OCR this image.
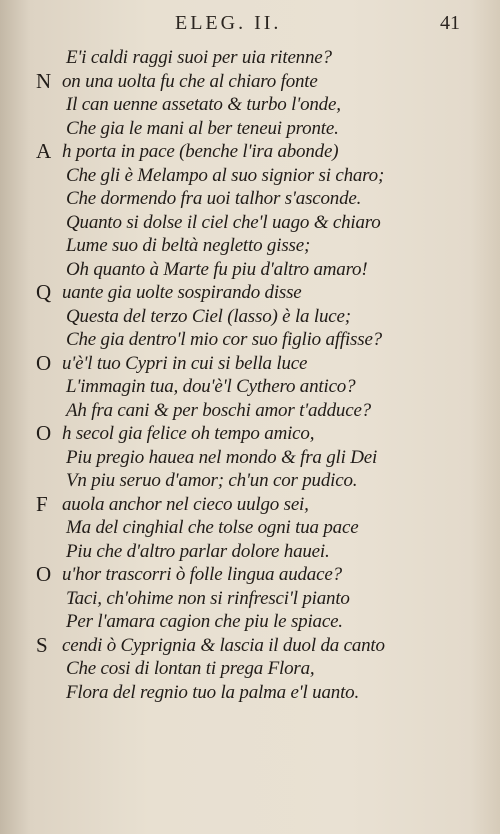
ELEG. II.	41
E'i caldi raggi suoi per uia ritenne?
N on una uolta fu che al chiaro fonte
Il can uenne assetato & turbo l'onde,
Che gia le mani al ber teneui pronte.
A h porta in pace (benche l'ira abonde)
Che gli è Melampo al suo signior si charo;
Che dormendo fra uoi talhor s'asconde.
Quanto si dolse il ciel che'l uago & chiaro
Lume suo di beltà negletto gisse;
Oh quanto à Marte fu piu d'altro amaro!
Q uante gia uolte sospirando disse
Questa del terzo Ciel (lasso) è la luce;
Che gia dentro'l mio cor suo figlio affisse?
O u'è'l tuo Cypri in cui si bella luce
L'immagin tua, dou'è'l Cythero antico?
Ah fra cani & per boschi amor t'adduce?
O h secol gia felice oh tempo amico,
Piu pregio hauea nel mondo & fra gli Dei
Vn piu seruo d'amor; ch'un cor pudico.
F auola anchor nel cieco uulgo sei,
Ma del cinghial che tolse ogni tua pace
Piu che d'altro parlar dolore hauei.
O u'hor trascorri ò folle lingua audace?
Taci, ch'ohime non si rinfresci'l pianto
Per l'amara cagion che piu le spiace.
S cendi ò Cyprignia & lascia il duol da canto
Che cosi di lontan ti prega Flora,
Flora del regnio tuo la palma e'l uanto.
